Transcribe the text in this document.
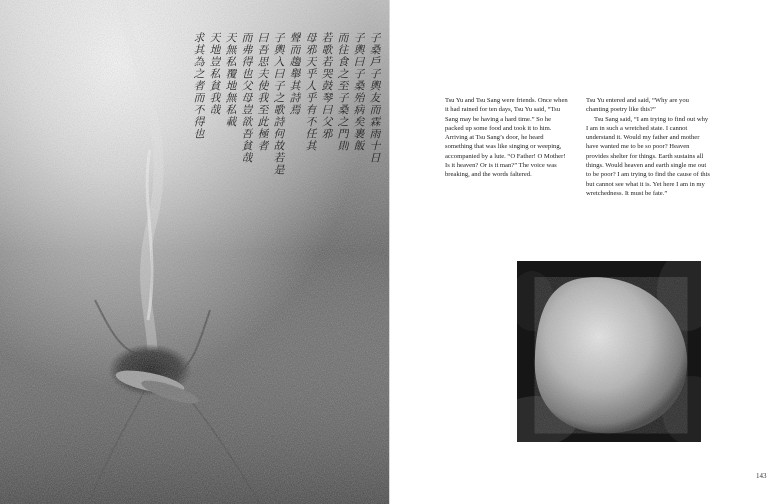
子桑戶子輿友而霖雨十日
子輿曰子桑殆病矣裹飯
而往食之至子桑之門則
若歌若哭鼓琴曰父邪
母邪天乎人乎有不任其
聲而趨舉其詩焉
子輿入曰子之歌詩何故若是
曰吾思夫使我至此極者
而弗得也父母豈欲吾貧哉
天無私覆地無私載
天地豈私貧我哉
求其為之者而不得也	Tsu Yu and Tsu Sang were friends. Once when it had rained for ten days, Tsu Yu said, “Tsu Sang may be having a hard time.” So he packed up some food and took it to him. Arriving at Tsu Sang’s door, he heard something that was like singing or weeping, accompanied by a lute. “O Father! O Mother! Is it heaven? Or is it man?” The voice was breaking, and the words faltered.

Tsu Yu entered and said, “Why are you chanting poetry like this?”

Tsu Sang said, “I am trying to find out why I am in such a wretched state. I cannot understand it. Would my father and mother have wanted me to be so poor? Heaven provides shelter for things. Earth sustains all things. Would heaven and earth single me out to be poor? I am trying to find the cause of this but cannot see what it is. Yet here I am in my wretchedness. It must be fate.”

143
